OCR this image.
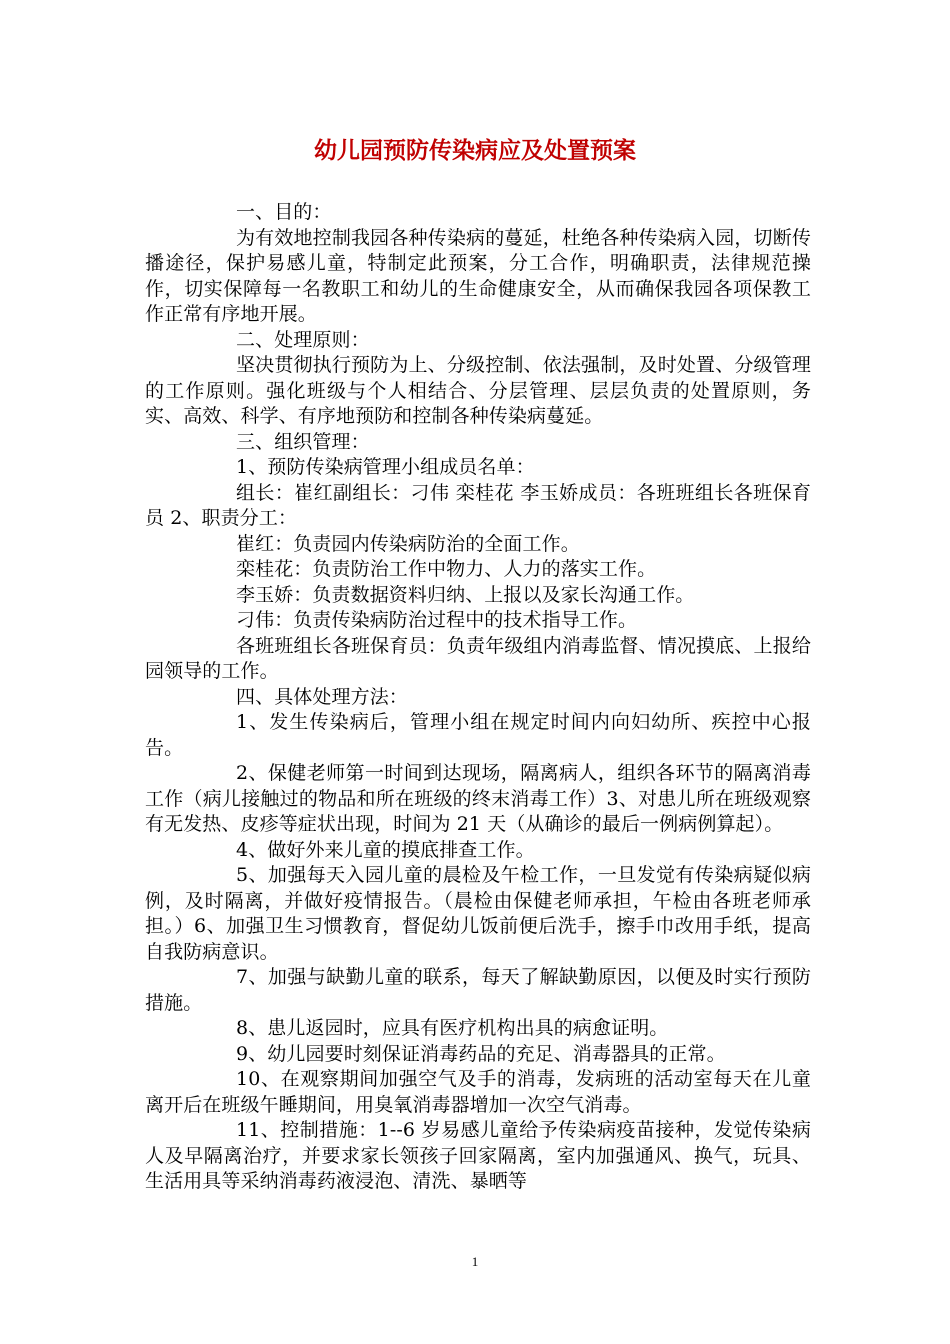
幼儿园预防传染病应及处置预案

一、目的：

为有效地控制我园各种传染病的蔓延，杜绝各种传染病入园，切断传播途径，保护易感儿童，特制定此预案，分工合作，明确职责，法律规范操作，切实保障每一名教职工和幼儿的生命健康安全，从而确保我园各项保教工作正常有序地开展。

二、处理原则：

坚决贯彻执行预防为上、分级控制、依法强制，及时处置、分级管理的工作原则。强化班级与个人相结合、分层管理、层层负责的处置原则，务实、高效、科学、有序地预防和控制各种传染病蔓延。

三、组织管理：

1、预防传染病管理小组成员名单：

组长：崔红副组长：刁伟 栾桂花 李玉娇成员：各班班组长各班保育员 2、职责分工：

崔红：负责园内传染病防治的全面工作。

栾桂花：负责防治工作中物力、人力的落实工作。

李玉娇：负责数据资料归纳、上报以及家长沟通工作。

刁伟：负责传染病防治过程中的技术指导工作。

各班班组长各班保育员：负责年级组内消毒监督、情况摸底、上报给园领导的工作。

四、具体处理方法：

1、发生传染病后，管理小组在规定时间内向妇幼所、疾控中心报告。

2、保健老师第一时间到达现场，隔离病人，组织各环节的隔离消毒工作（病儿接触过的物品和所在班级的终末消毒工作）3、对患儿所在班级观察有无发热、皮疹等症状出现，时间为 21 天（从确诊的最后一例病例算起）。

4、做好外来儿童的摸底排查工作。

5、加强每天入园儿童的晨检及午检工作，一旦发觉有传染病疑似病例，及时隔离，并做好疫情报告。（晨检由保健老师承担，午检由各班老师承担。）6、加强卫生习惯教育，督促幼儿饭前便后洗手，擦手巾改用手纸，提高自我防病意识。

7、加强与缺勤儿童的联系，每天了解缺勤原因，以便及时实行预防措施。

8、患儿返园时，应具有医疗机构出具的病愈证明。

9、幼儿园要时刻保证消毒药品的充足、消毒器具的正常。

10、在观察期间加强空气及手的消毒，发病班的活动室每天在儿童离开后在班级午睡期间，用臭氧消毒器增加一次空气消毒。

11、控制措施：1--6 岁易感儿童给予传染病疫苗接种，发觉传染病人及早隔离治疗，并要求家长领孩子回家隔离，室内加强通风、换气，玩具、生活用具等采纳消毒药液浸泡、清洗、暴晒等

1
